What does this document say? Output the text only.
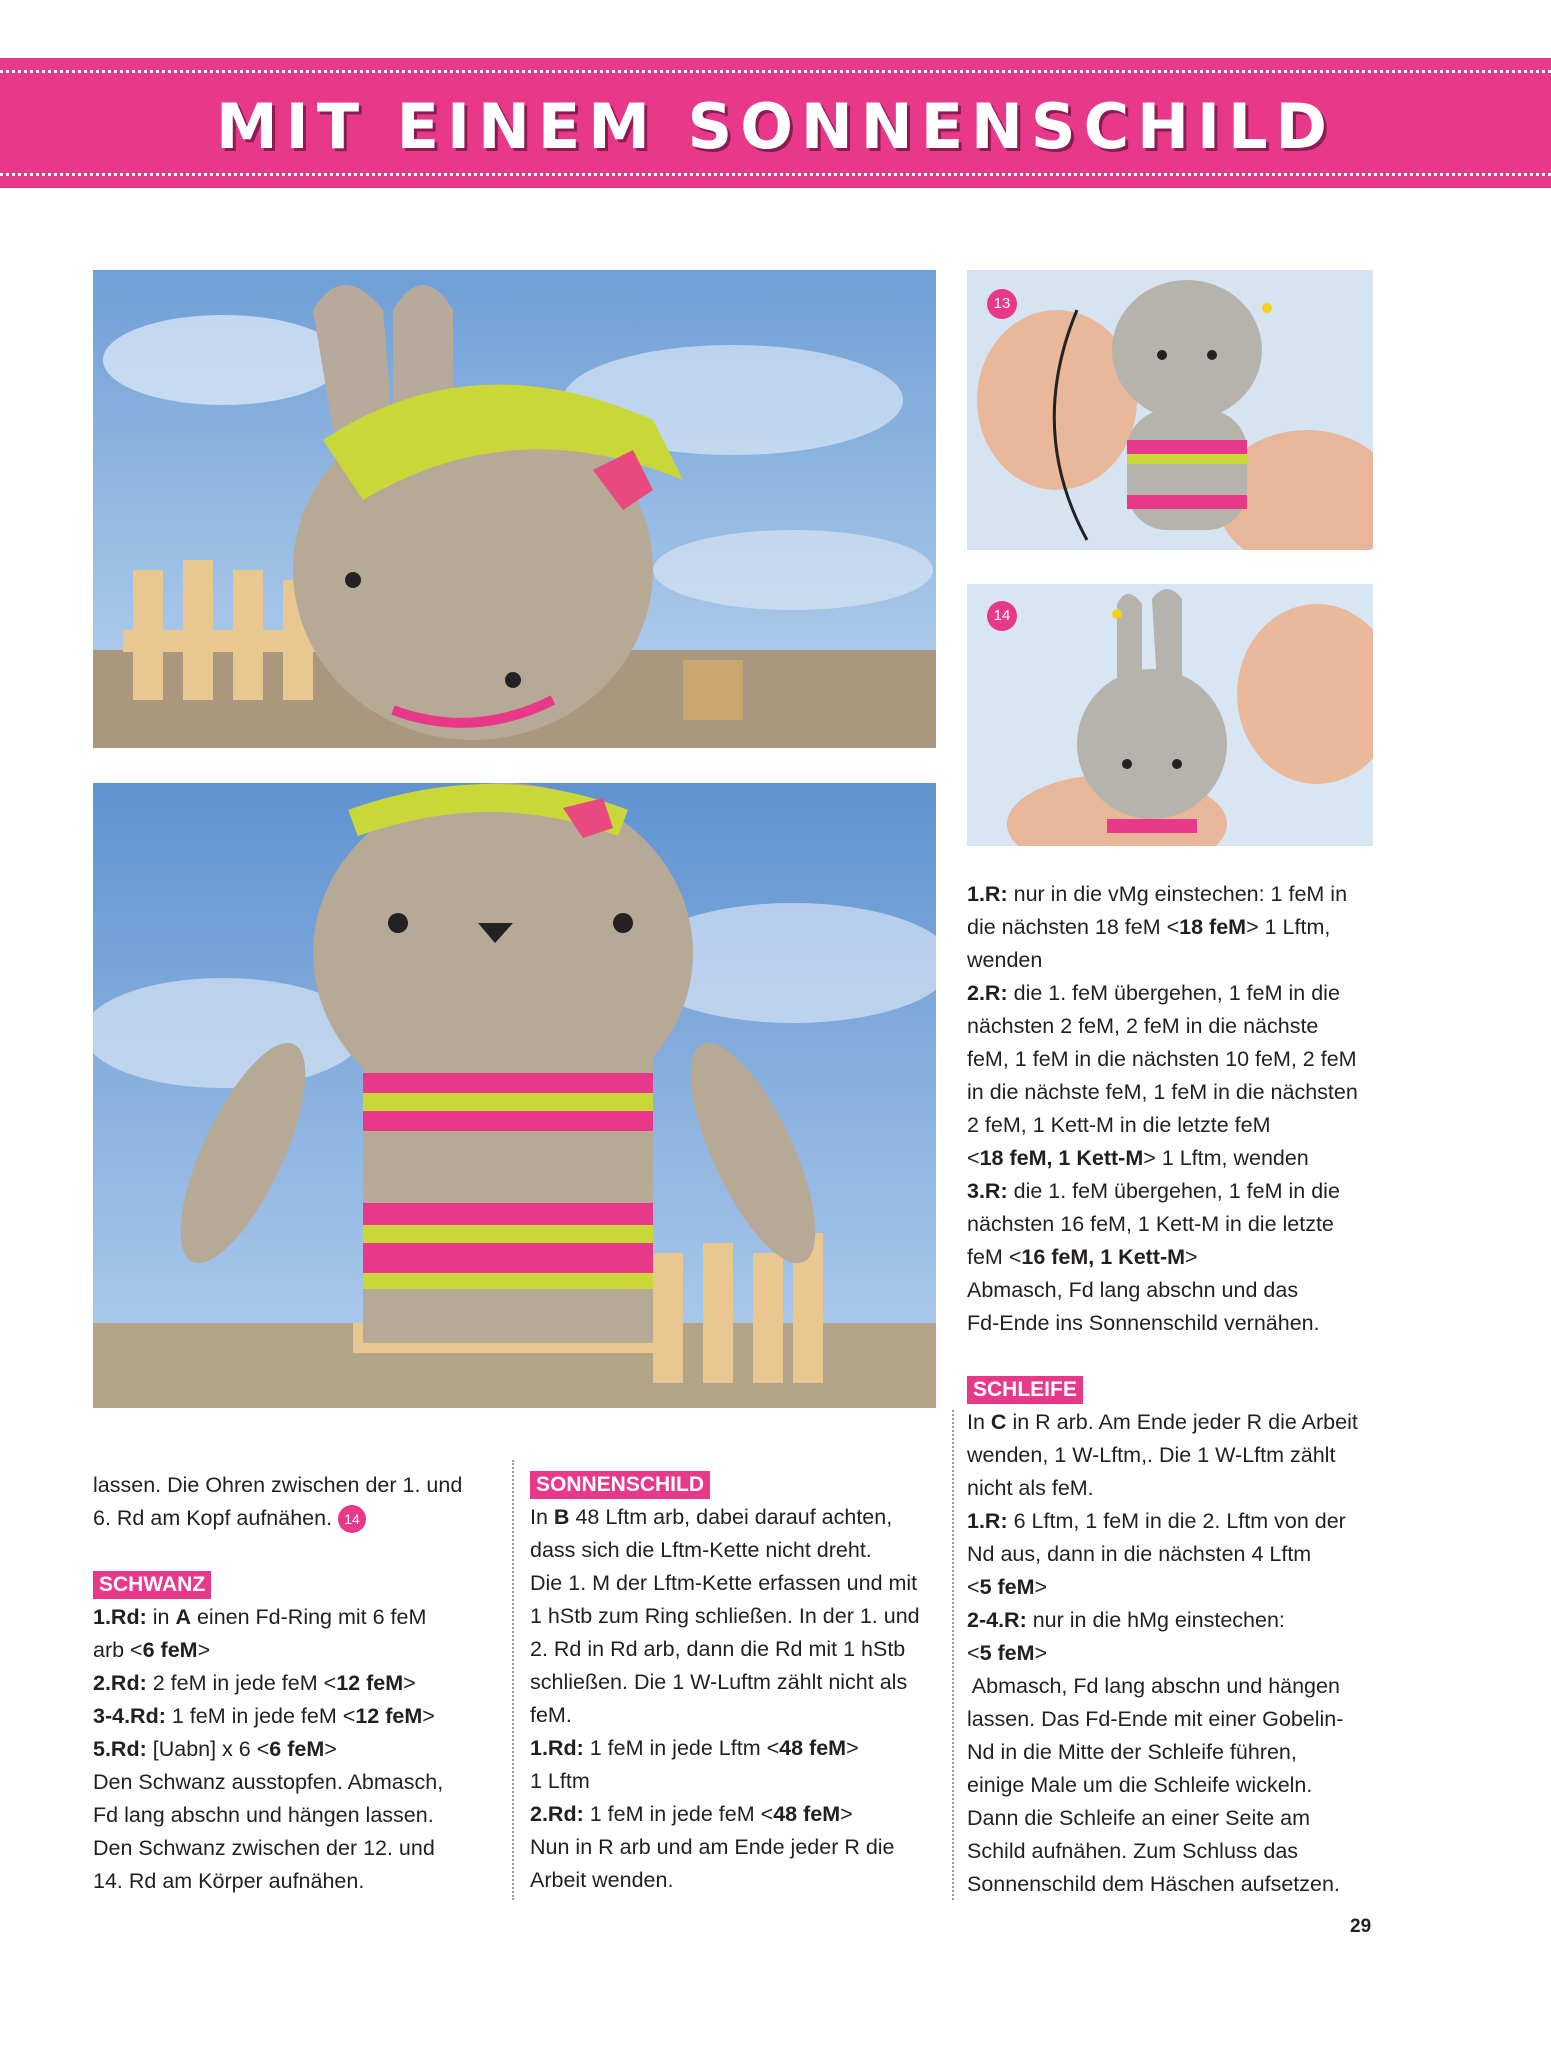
MIT EINEM SONNENSCHILD
13
14

lassen. Die Ohren zwischen der 1. und

6. Rd am Kopf aufnähen. 14

SCHWANZ

1.Rd: in A einen Fd-Ring mit 6 feM

arb <6 feM>

2.Rd: 2 feM in jede feM <12 feM>

3-4.Rd: 1 feM in jede feM <12 feM>

5.Rd: [Uabn] x 6 <6 feM>

Den Schwanz ausstopfen. Abmasch,

Fd lang abschn und hängen lassen.

Den Schwanz zwischen der 12. und

14. Rd am Körper aufnähen.

SONNENSCHILD

In B 48 Lftm arb, dabei darauf achten,

dass sich die Lftm-Kette nicht dreht.

Die 1. M der Lftm-Kette erfassen und mit

1 hStb zum Ring schließen. In der 1. und

2. Rd in Rd arb, dann die Rd mit 1 hStb

schließen. Die 1 W-Luftm zählt nicht als

feM.

1.Rd: 1 feM in jede Lftm <48 feM>

1 Lftm

2.Rd: 1 feM in jede feM <48 feM>

Nun in R arb und am Ende jeder R die

Arbeit wenden.

1.R: nur in die vMg einstechen: 1 feM in

die nächsten 18 feM <18 feM> 1 Lftm,

wenden

2.R: die 1. feM übergehen, 1 feM in die

nächsten 2 feM, 2 feM in die nächste

feM, 1 feM in die nächsten 10 feM, 2 feM

in die nächste feM, 1 feM in die nächsten

2 feM, 1 Kett-M in die letzte feM

<18 feM, 1 Kett-M> 1 Lftm, wenden

3.R: die 1. feM übergehen, 1 feM in die

nächsten 16 feM, 1 Kett-M in die letzte

feM <16 feM, 1 Kett-M>

Abmasch, Fd lang abschn und das

Fd-Ende ins Sonnenschild vernähen.

SCHLEIFE

In C in R arb. Am Ende jeder R die Arbeit

wenden, 1 W-Lftm,. Die 1 W-Lftm zählt

nicht als feM.

1.R: 6 Lftm, 1 feM in die 2. Lftm von der

Nd aus, dann in die nächsten 4 Lftm

<5 feM>

2-4.R: nur in die hMg einstechen:

<5 feM>

Abmasch, Fd lang abschn und hängen

lassen. Das Fd-Ende mit einer Gobelin-

Nd in die Mitte der Schleife führen,

einige Male um die Schleife wickeln.

Dann die Schleife an einer Seite am

Schild aufnähen. Zum Schluss das

Sonnenschild dem Häschen aufsetzen.

29
